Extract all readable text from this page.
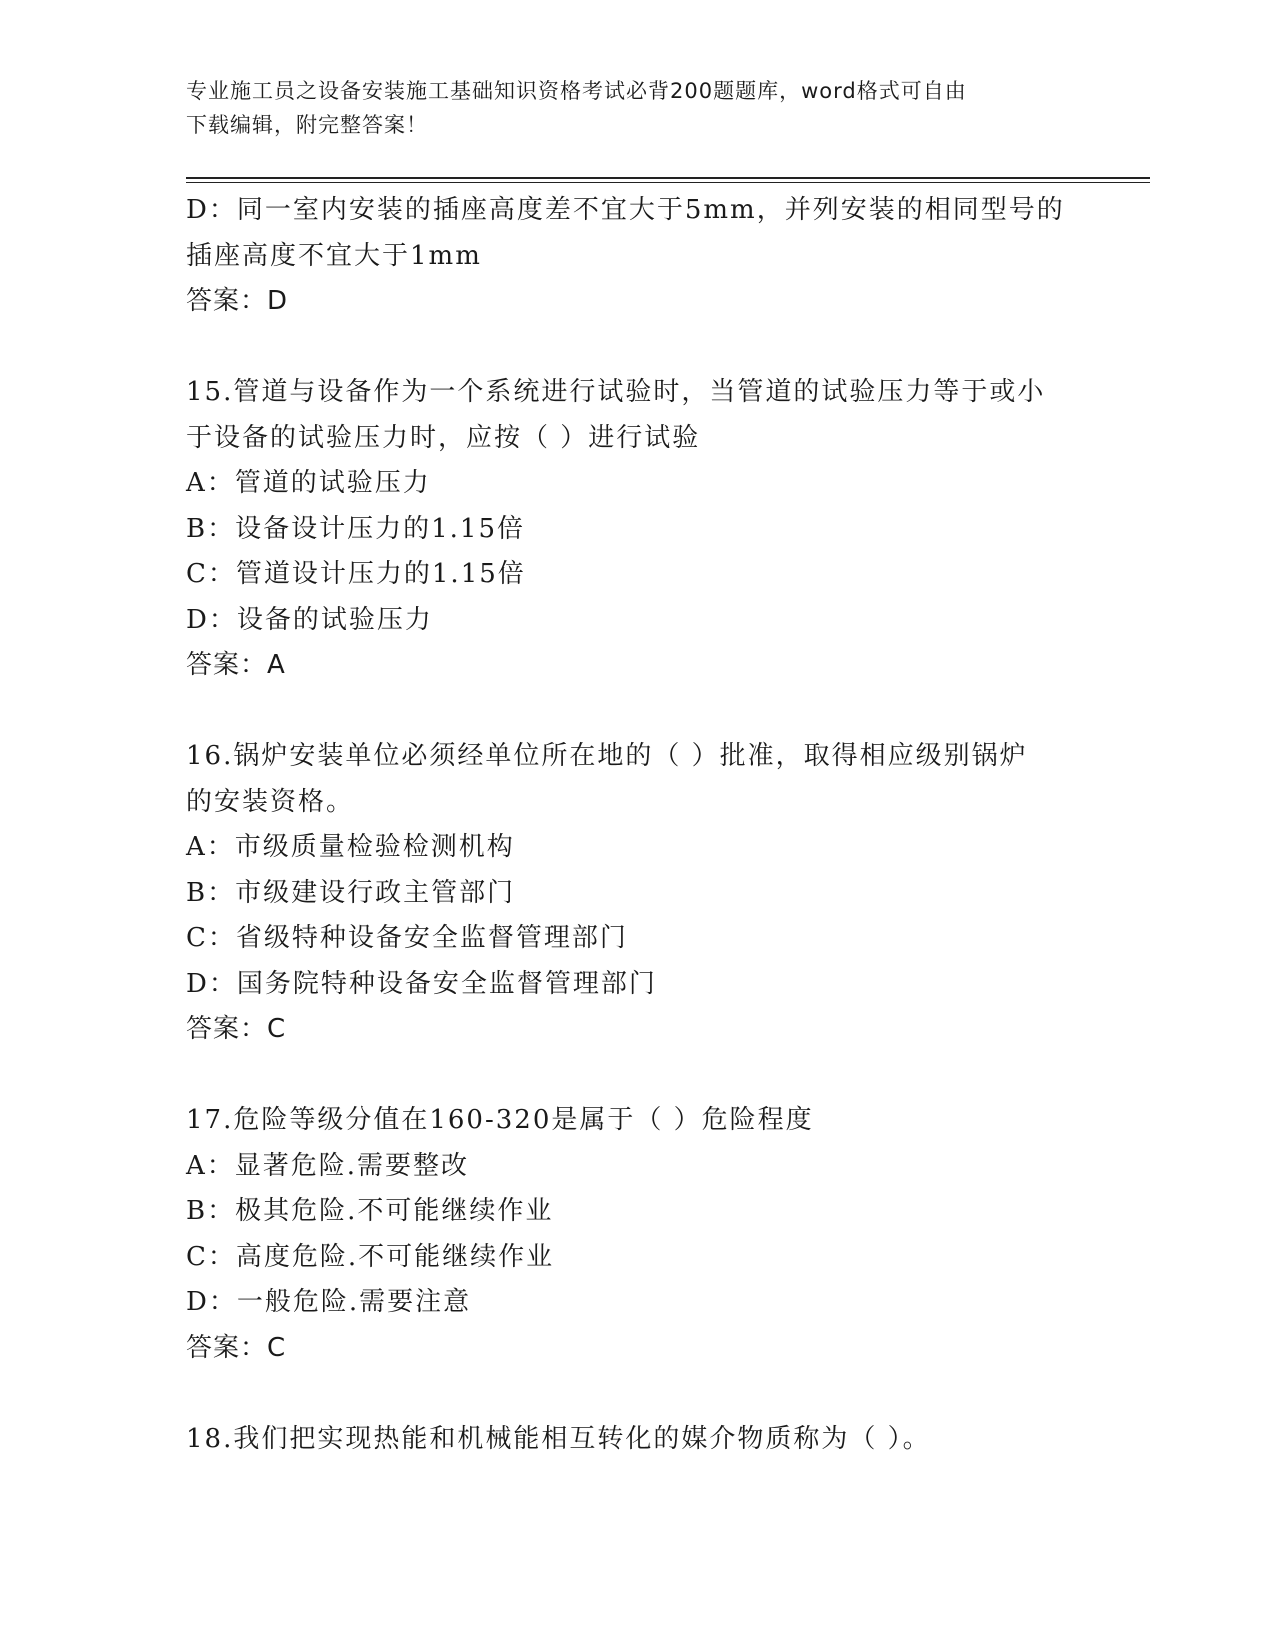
专业施工员之设备安装施工基础知识资格考试必背200题题库，word格式可自由
下载编辑，附完整答案！
D：同一室内安装的插座高度差不宜大于5mm，并列安装的相同型号的
插座高度不宜大于1mm
答案：D
15.管道与设备作为一个系统进行试验时，当管道的试验压力等于或小
于设备的试验压力时，应按（ ）进行试验
A：管道的试验压力
B：设备设计压力的1.15倍
C：管道设计压力的1.15倍
D：设备的试验压力
答案：A
16.锅炉安装单位必须经单位所在地的（ ）批准，取得相应级别锅炉
的安装资格。
A：市级质量检验检测机构
B：市级建设行政主管部门
C：省级特种设备安全监督管理部门
D：国务院特种设备安全监督管理部门
答案：C
17.危险等级分值在160-320是属于（ ）危险程度
A：显著危险.需要整改
B：极其危险.不可能继续作业
C：高度危险.不可能继续作业
D：一般危险.需要注意
答案：C
18.我们把实现热能和机械能相互转化的媒介物质称为（ ）。
